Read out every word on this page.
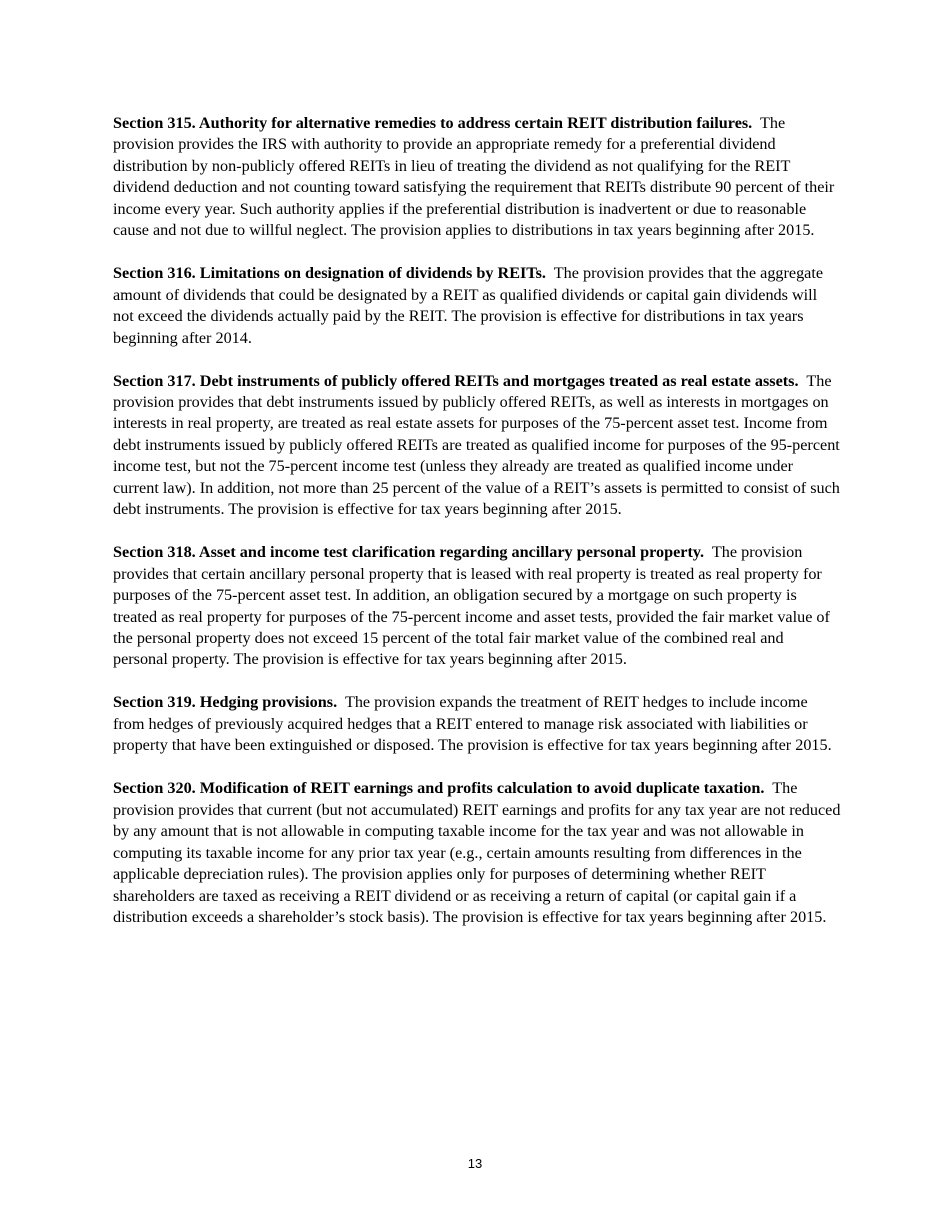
Section 315. Authority for alternative remedies to address certain REIT distribution failures. The provision provides the IRS with authority to provide an appropriate remedy for a preferential dividend distribution by non-publicly offered REITs in lieu of treating the dividend as not qualifying for the REIT dividend deduction and not counting toward satisfying the requirement that REITs distribute 90 percent of their income every year. Such authority applies if the preferential distribution is inadvertent or due to reasonable cause and not due to willful neglect. The provision applies to distributions in tax years beginning after 2015.

Section 316. Limitations on designation of dividends by REITs. The provision provides that the aggregate amount of dividends that could be designated by a REIT as qualified dividends or capital gain dividends will not exceed the dividends actually paid by the REIT. The provision is effective for distributions in tax years beginning after 2014.

Section 317. Debt instruments of publicly offered REITs and mortgages treated as real estate assets. The provision provides that debt instruments issued by publicly offered REITs, as well as interests in mortgages on interests in real property, are treated as real estate assets for purposes of the 75-percent asset test. Income from debt instruments issued by publicly offered REITs are treated as qualified income for purposes of the 95-percent income test, but not the 75-percent income test (unless they already are treated as qualified income under current law). In addition, not more than 25 percent of the value of a REIT’s assets is permitted to consist of such debt instruments. The provision is effective for tax years beginning after 2015.

Section 318. Asset and income test clarification regarding ancillary personal property. The provision provides that certain ancillary personal property that is leased with real property is treated as real property for purposes of the 75-percent asset test. In addition, an obligation secured by a mortgage on such property is treated as real property for purposes of the 75-percent income and asset tests, provided the fair market value of the personal property does not exceed 15 percent of the total fair market value of the combined real and personal property. The provision is effective for tax years beginning after 2015.

Section 319. Hedging provisions. The provision expands the treatment of REIT hedges to include income from hedges of previously acquired hedges that a REIT entered to manage risk associated with liabilities or property that have been extinguished or disposed. The provision is effective for tax years beginning after 2015.

Section 320. Modification of REIT earnings and profits calculation to avoid duplicate taxation. The provision provides that current (but not accumulated) REIT earnings and profits for any tax year are not reduced by any amount that is not allowable in computing taxable income for the tax year and was not allowable in computing its taxable income for any prior tax year (e.g., certain amounts resulting from differences in the applicable depreciation rules). The provision applies only for purposes of determining whether REIT shareholders are taxed as receiving a REIT dividend or as receiving a return of capital (or capital gain if a distribution exceeds a shareholder’s stock basis). The provision is effective for tax years beginning after 2015.

13
